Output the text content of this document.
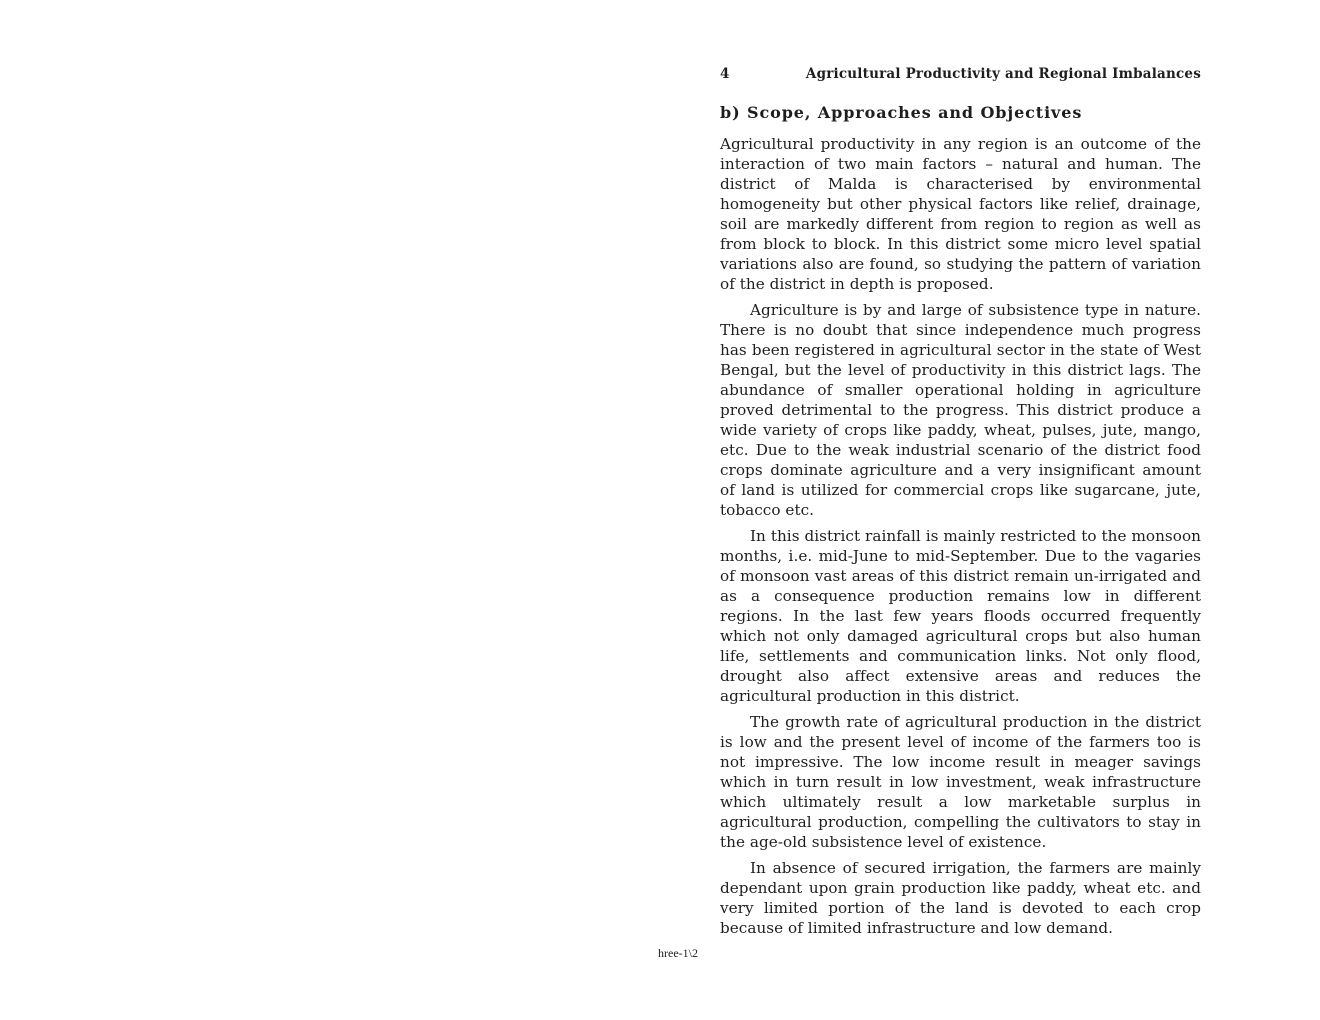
4	Agricultural Productivity and Regional Imbalances
b) Scope, Approaches and Objectives

Agricultural productivity in any region is an outcome of the interaction of two main factors – natural and human. The district of Malda is characterised by environmental homogeneity but other physical factors like relief, drainage, soil are markedly different from region to region as well as from block to block. In this district some micro level spatial variations also are found, so studying the pattern of variation of the district in depth is proposed.

Agriculture is by and large of subsistence type in nature. There is no doubt that since independence much progress has been registered in agricultural sector in the state of West Bengal, but the level of productivity in this district lags. The abundance of smaller operational holding in agriculture proved detrimental to the progress. This district produce a wide variety of crops like paddy, wheat, pulses, jute, mango, etc. Due to the weak industrial scenario of the district food crops dominate agriculture and a very insignificant amount of land is utilized for commercial crops like sugarcane, jute, tobacco etc.

In this district rainfall is mainly restricted to the monsoon months, i.e. mid-June to mid-September. Due to the vagaries of monsoon vast areas of this district remain un-irrigated and as a consequence production remains low in different regions. In the last few years floods occurred frequently which not only damaged agricultural crops but also human life, settlements and communication links. Not only flood, drought also affect extensive areas and reduces the agricultural production in this district.

The growth rate of agricultural production in the district is low and the present level of income of the farmers too is not impressive. The low income result in meager savings which in turn result in low investment, weak infrastructure which ultimately result a low marketable surplus in agricultural production, compelling the cultivators to stay in the age-old subsistence level of existence.

In absence of secured irrigation, the farmers are mainly dependant upon grain production like paddy, wheat etc. and very limited portion of the land is devoted to each crop because of limited infrastructure and low demand.

hree-1\2
